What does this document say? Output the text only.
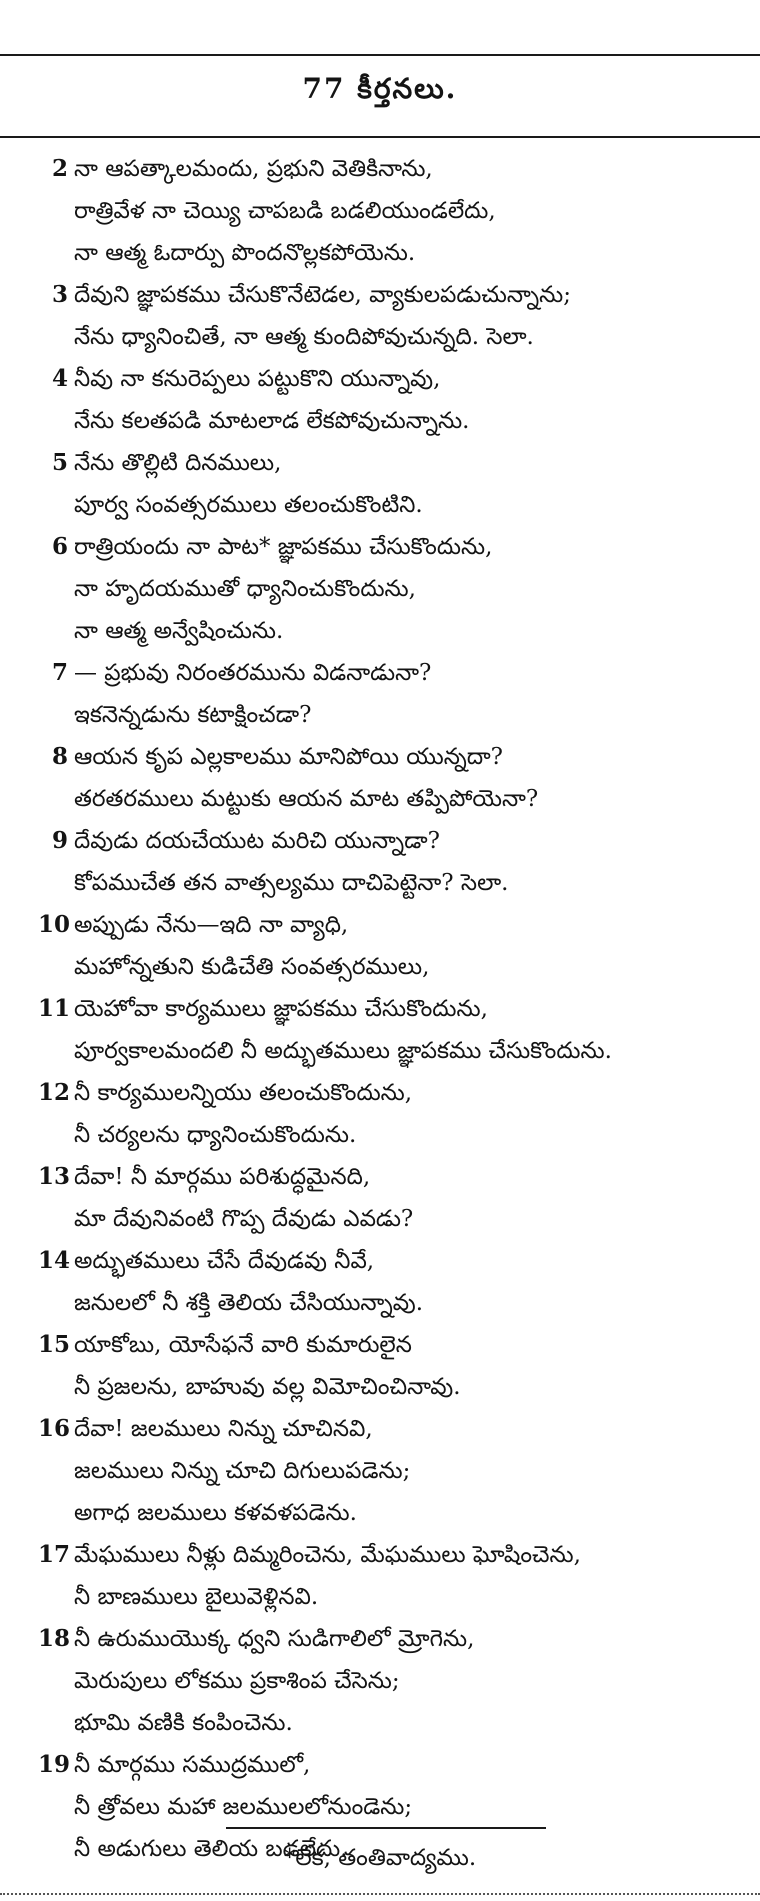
77 కీర్తనలు.
2 నా ఆపత్కాలమందు, ప్రభుని వెతికినాను,
రాత్రివేళ నా చెయ్యి చాపబడి బడలియుండలేదు,
నా ఆత్మ ఓదార్పు పొందనొల్లకపోయెను.
3 దేవుని జ్ఞాపకము చేసుకొనేటెడల, వ్యాకులపడుచున్నాను;
నేను ధ్యానించితే, నా ఆత్మ కుందిపోవుచున్నది. సెలా.
4 నీవు నా కనురెప్పలు పట్టుకొని యున్నావు,
నేను కలతపడి మాటలాడ లేకపోవుచున్నాను.
5 నేను తొల్లిటి దినములు,
పూర్వ సంవత్సరములు తలంచుకొంటిని.
6 రాత్రియందు నా పాట* జ్ఞాపకము చేసుకొందును,
నా హృదయముతో ధ్యానించుకొందును,
నా ఆత్మ అన్వేషించును.
7 — ప్రభువు నిరంతరమును విడనాడునా?
ఇకనెన్నడును కటాక్షించడా?
8 ఆయన కృప ఎల్లకాలము మానిపోయి యున్నదా?
తరతరములు మట్టుకు ఆయన మాట తప్పిపోయెనా?
9 దేవుడు దయచేయుట మరిచి యున్నాడా?
కోపముచేత తన వాత్సల్యము దాచిపెట్టెనా? సెలా.
10 అప్పుడు నేను—ఇది నా వ్యాధి,
మహోన్నతుని కుడిచేతి సంవత్సరములు,
11 యెహోవా కార్యములు జ్ఞాపకము చేసుకొందును,
పూర్వకాలమందలి నీ అద్భుతములు జ్ఞాపకము చేసుకొందును.
12 నీ కార్యములన్నియు తలంచుకొందును,
నీ చర్యలను ధ్యానించుకొందును.
13 దేవా! నీ మార్గము పరిశుద్ధమైనది,
మా దేవునివంటి గొప్ప దేవుడు ఎవడు?
14 అద్భుతములు చేసే దేవుడవు నీవే,
జనులలో నీ శక్తి తెలియ చేసియున్నావు.
15 యాకోబు, యోసేఫనే వారి కుమారులైన
నీ ప్రజలను, బాహువు వల్ల విమోచించినావు.
16 దేవా! జలములు నిన్ను చూచినవి,
జలములు నిన్ను చూచి దిగులుపడెను;
అగాధ జలములు కళవళపడెను.
17 మేఘములు నీళ్లు దిమ్మరించెను, మేఘములు ఘోషించెను,
నీ బాణములు బైలువెళ్లినవి.
18 నీ ఉరుముయొక్క ధ్వని సుడిగాలిలో మ్రోగెను,
మెరుపులు లోకము ప్రకాశింప చేసెను;
భూమి వణికి కంపించెను.
19 నీ మార్గము సముద్రములో,
నీ త్రోవలు మహా జలములలోనుండెను;
నీ అడుగులు తెలియ బడలేదు.
*లేక, తంతివాద్యము.
